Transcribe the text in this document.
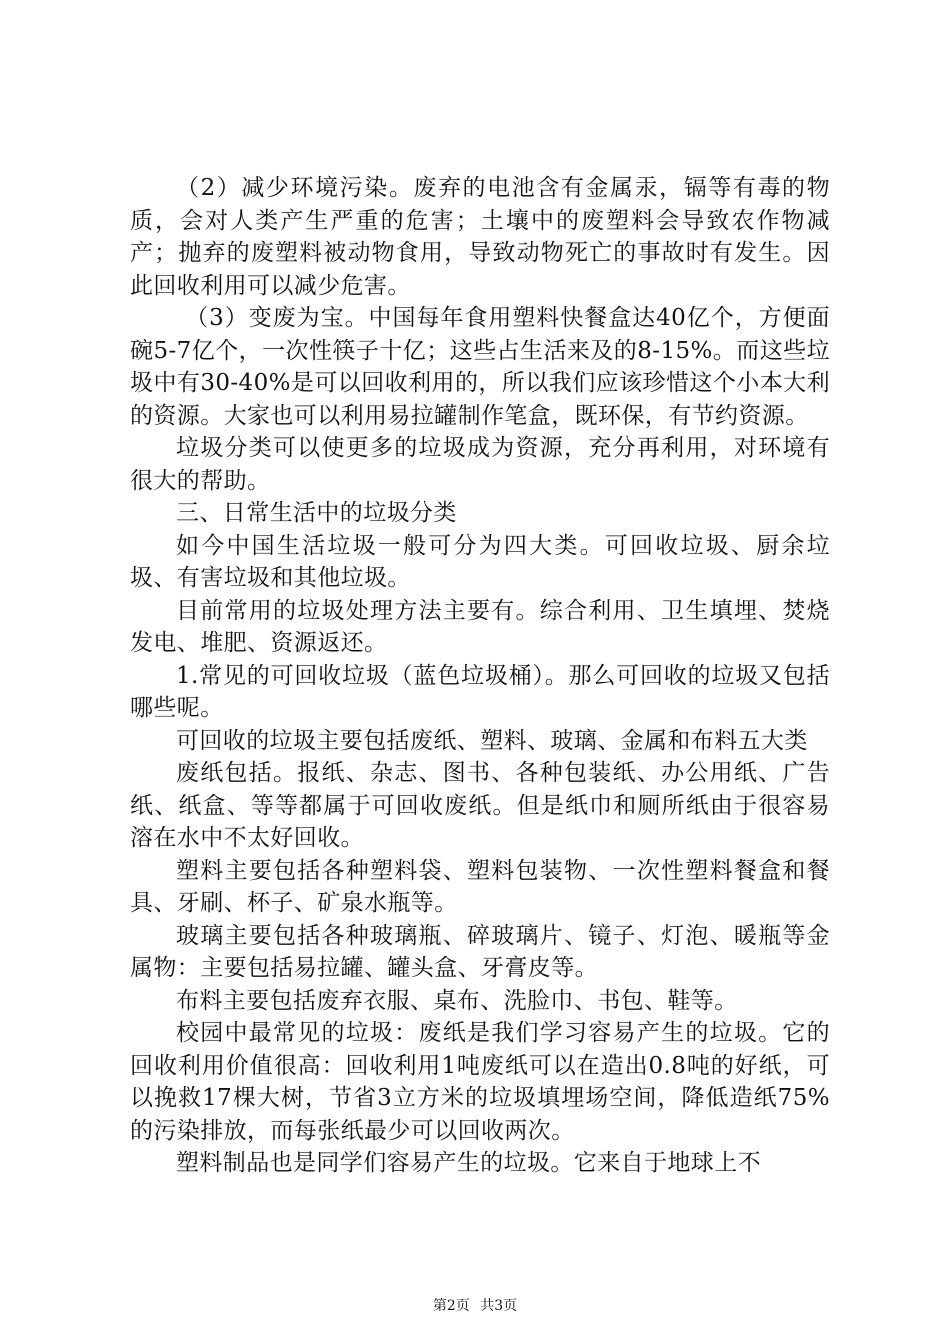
（2）减少环境污染。废弃的电池含有金属汞，镉等有毒的物质，会对人类产生严重的危害；土壤中的废塑料会导致农作物减产；抛弃的废塑料被动物食用，导致动物死亡的事故时有发生。因此回收利用可以减少危害。

（3）变废为宝。中国每年食用塑料快餐盒达40亿个，方便面碗5-7亿个，一次性筷子十亿；这些占生活来及的8-15%。而这些垃圾中有30-40%是可以回收利用的，所以我们应该珍惜这个小本大利的资源。大家也可以利用易拉罐制作笔盒，既环保，有节约资源。

垃圾分类可以使更多的垃圾成为资源，充分再利用，对环境有很大的帮助。

三、日常生活中的垃圾分类

如今中国生活垃圾一般可分为四大类。可回收垃圾、厨余垃圾、有害垃圾和其他垃圾。

目前常用的垃圾处理方法主要有。综合利用、卫生填埋、焚烧发电、堆肥、资源返还。

1.常见的可回收垃圾（蓝色垃圾桶）。那么可回收的垃圾又包括哪些呢。

可回收的垃圾主要包括废纸、塑料、玻璃、金属和布料五大类

废纸包括。报纸、杂志、图书、各种包装纸、办公用纸、广告纸、纸盒、等等都属于可回收废纸。但是纸巾和厕所纸由于很容易溶在水中不太好回收。

塑料主要包括各种塑料袋、塑料包装物、一次性塑料餐盒和餐具、牙刷、杯子、矿泉水瓶等。

玻璃主要包括各种玻璃瓶、碎玻璃片、镜子、灯泡、暖瓶等金属物：主要包括易拉罐、罐头盒、牙膏皮等。

布料主要包括废弃衣服、桌布、洗脸巾、书包、鞋等。

校园中最常见的垃圾：废纸是我们学习容易产生的垃圾。它的回收利用价值很高：回收利用1吨废纸可以在造出0.8吨的好纸，可以挽救17棵大树，节省3立方米的垃圾填埋场空间，降低造纸75%的污染排放，而每张纸最少可以回收两次。

塑料制品也是同学们容易产生的垃圾。它来自于地球上不

第2页 共3页
